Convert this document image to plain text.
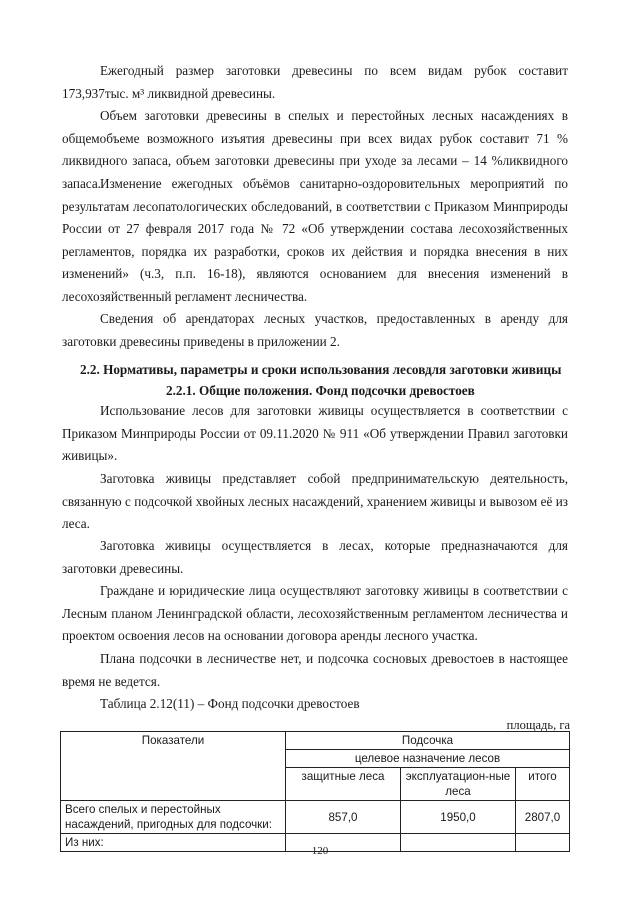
Ежегодный размер заготовки древесины по всем видам рубок составит 173,937тыс. м³ ликвидной древесины.
Объем заготовки древесины в спелых и перестойных лесных насаждениях в общемобъеме возможного изъятия древесины при всех видах рубок составит 71 % ликвидного запаса, объем заготовки древесины при уходе за лесами – 14 %ликвидного запаса. Изменение ежегодных объёмов санитарно-оздоровительных мероприятий по результатам лесопатологических обследований, в соответствии с Приказом Минприроды России от 27 февраля 2017 года № 72 «Об утверждении состава лесохозяйственных регламентов, порядка их разработки, сроков их действия и порядка внесения в них изменений» (ч.3, п.п. 16-18), являются основанием для внесения изменений в лесохозяйственный регламент лесничества.
Сведения об арендаторах лесных участков, предоставленных в аренду для заготовки древесины приведены в приложении 2.
2.2. Нормативы, параметры и сроки использования лесовдля заготовки живицы
2.2.1. Общие положения. Фонд подсочки древостоев
Использование лесов для заготовки живицы осуществляется в соответствии с Приказом Минприроды России от 09.11.2020 № 911 «Об утверждении Правил заготовки живицы».
Заготовка живицы представляет собой предпринимательскую деятельность, связанную с подсочкой хвойных лесных насаждений, хранением живицы и вывозом её из леса.
Заготовка живицы осуществляется в лесах, которые предназначаются для заготовки древесины.
Граждане и юридические лица осуществляют заготовку живицы в соответствии с Лесным планом Ленинградской области, лесохозяйственным регламентом лесничества и проектом освоения лесов на основании договора аренды лесного участка.
Плана подсочки в лесничестве нет, и подсочка сосновых древостоев в настоящее время не ведется.
Таблица 2.12(11) – Фонд подсочки древостоев
площадь, га
Показатели	Подсочка		
	целевое назначение лесов		
	защитные леса	эксплуатацион-ные леса	итого
Всего спелых и перестойных насаждений, пригодных для подсочки:	857,0	1950,0	2807,0
Из них:			
120
